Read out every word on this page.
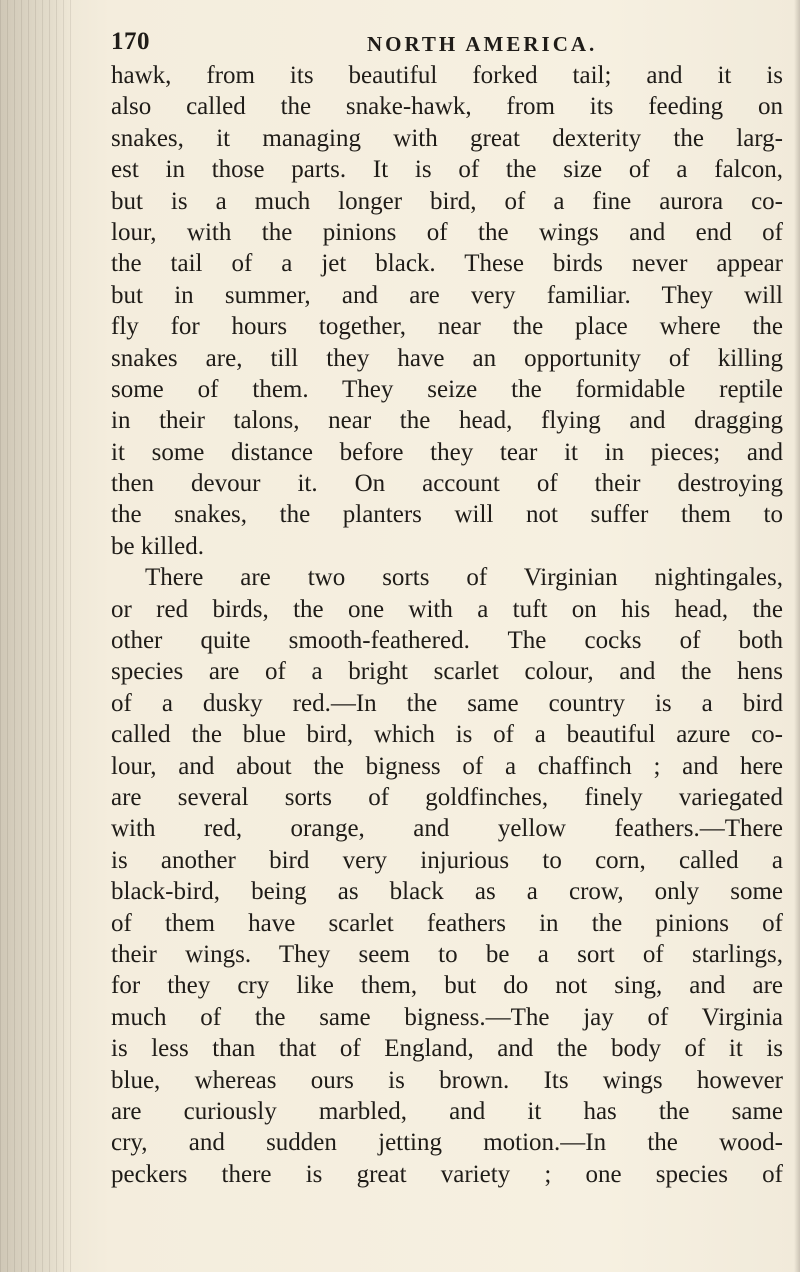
170	NORTH AMERICA.
hawk, from its beautiful forked tail; and it is
also called the snake-hawk, from its feeding on
snakes, it managing with great dexterity the larg-
est in those parts. It is of the size of a falcon,
but is a much longer bird, of a fine aurora co-
lour, with the pinions of the wings and end of
the tail of a jet black. These birds never appear
but in summer, and are very familiar. They will
fly for hours together, near the place where the
snakes are, till they have an opportunity of killing
some of them. They seize the formidable reptile
in their talons, near the head, flying and dragging
it some distance before they tear it in pieces; and
then devour it. On account of their destroying
the snakes, the planters will not suffer them to
be killed.
There are two sorts of Virginian nightingales,
or red birds, the one with a tuft on his head, the
other quite smooth-feathered. The cocks of both
species are of a bright scarlet colour, and the hens
of a dusky red.—In the same country is a bird
called the blue bird, which is of a beautiful azure co-
lour, and about the bigness of a chaffinch ; and here
are several sorts of goldfinches, finely variegated
with red, orange, and yellow feathers.—There
is another bird very injurious to corn, called a
black-bird, being as black as a crow, only some
of them have scarlet feathers in the pinions of
their wings. They seem to be a sort of starlings,
for they cry like them, but do not sing, and are
much of the same bigness.—The jay of Virginia
is less than that of England, and the body of it is
blue, whereas ours is brown. Its wings however
are curiously marbled, and it has the same
cry, and sudden jetting motion.—In the wood-
peckers there is great variety ; one species of
